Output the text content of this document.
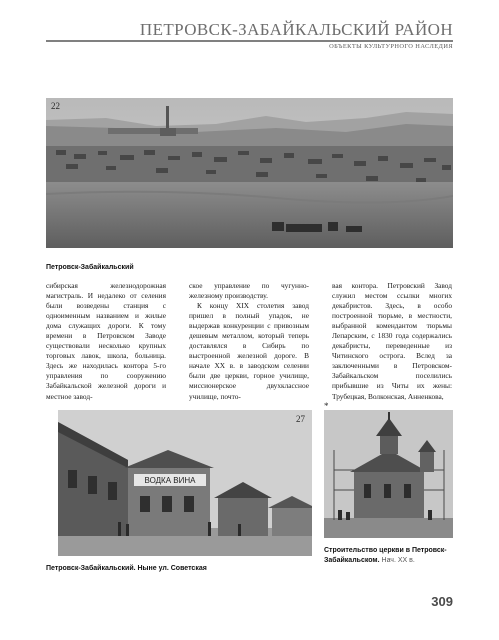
ПЕТРОВСК-ЗАБАЙКАЛЬСКИЙ РАЙОН
ОБЪЕКТЫ КУЛЬТУРНОГО НАСЛЕДИЯ
22
Петровск-Забайкальский

сибирская железнодорожная магистраль. И недалеко от селения были возведены станция с одноименным названием и жилые дома служащих дороги. К тому времени в Петровском Заводе существовали несколько крупных торговых лавок, школа, больница. Здесь же находилась контора 5-го управления по сооружению Забайкальской железной дороги и местное завод-

ское управление по чугунно-железному производству.

К концу XIX столетия завод пришел в полный упадок, не выдержав конкуренции с привозным дешевым металлом, который теперь доставлялся в Сибирь по выстроенной железной дороге. В начале XX в. в заводском селении были две церкви, горное училище, миссионерское двухклассное училище, почто-

вая контора. Петровский Завод служил местом ссылки многих декабристов. Здесь, в особо построенной тюрьме, в местности, выбранной комендантом тюрьмы Лепарским, с 1830 года содержались декабристы, переведенные из Читинского острога. Вслед за заключенными в Петровском-Забайкальском поселились прибывшие из Читы их жены: Трубецкая, Волконская, Анненкова,

ВОДКА ВИНА
27
Петровск-Забайкальский. Ныне ул. Советская
*
Строительство церкви в Петровск-Забайкальском. Нач. XX в.
309
